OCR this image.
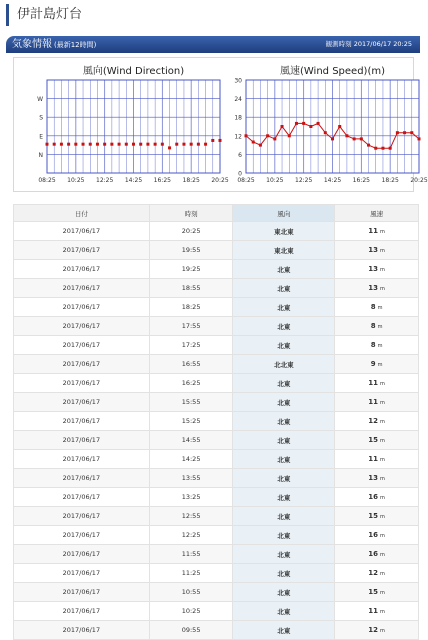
伊計島灯台
気象情報 (最新12時間)	観測時刻 2017/06/17 20:25
風向(Wind Direction)
W
S
E
N
08:25 10:25 12:25 14:25 16:25 18:25 20:25
風速(Wind Speed)(m)
30
24
18
12
6
0
08:25 10:25 12:25 14:25 16:25 18:25 20:25
日付	時刻	風向	風速
2017/06/17	20:25	東北東	11 m
2017/06/17	19:55	東北東	13 m
2017/06/17	19:25	北東	13 m
2017/06/17	18:55	北東	13 m
2017/06/17	18:25	北東	8 m
2017/06/17	17:55	北東	8 m
2017/06/17	17:25	北東	8 m
2017/06/17	16:55	北北東	9 m
2017/06/17	16:25	北東	11 m
2017/06/17	15:55	北東	11 m
2017/06/17	15:25	北東	12 m
2017/06/17	14:55	北東	15 m
2017/06/17	14:25	北東	11 m
2017/06/17	13:55	北東	13 m
2017/06/17	13:25	北東	16 m
2017/06/17	12:55	北東	15 m
2017/06/17	12:25	北東	16 m
2017/06/17	11:55	北東	16 m
2017/06/17	11:25	北東	12 m
2017/06/17	10:55	北東	15 m
2017/06/17	10:25	北東	11 m
2017/06/17	09:55	北東	12 m
